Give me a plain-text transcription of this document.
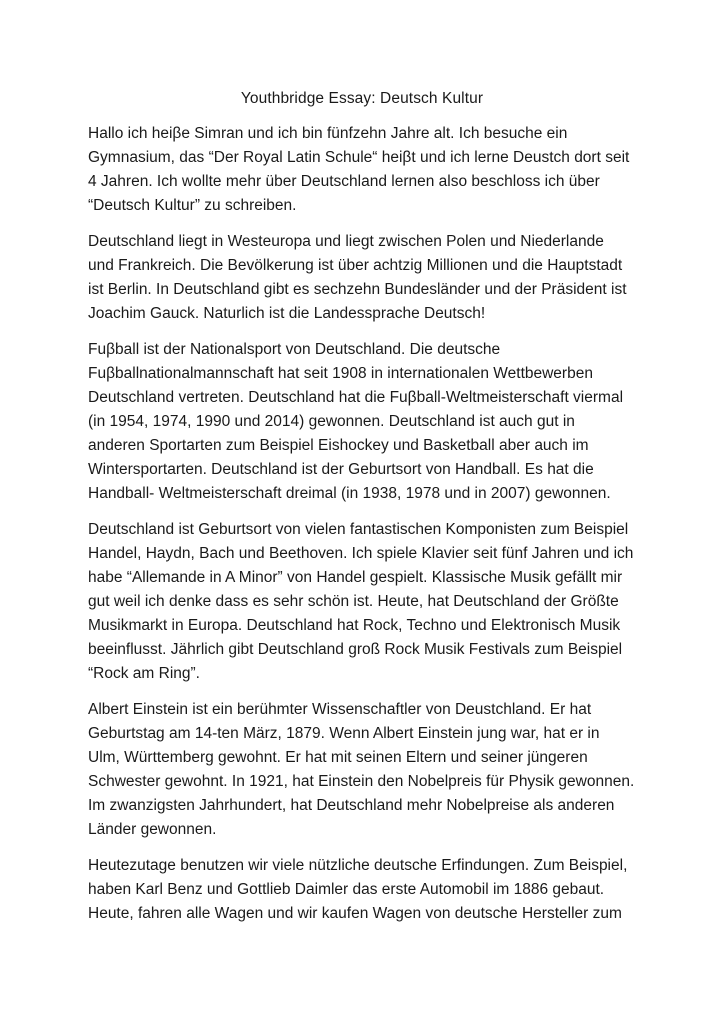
Youthbridge Essay: Deutsch Kultur

Hallo ich heiβe Simran und ich bin fünfzehn Jahre alt. Ich besuche ein
Gymnasium, das “Der Royal Latin Schule“ heiβt und ich lerne Deustch dort seit
4 Jahren. Ich wollte mehr über Deutschland lernen also beschloss ich über
“Deutsch Kultur” zu schreiben.

Deutschland liegt in Westeuropa und liegt zwischen Polen und Niederlande
und Frankreich. Die Bevölkerung ist über achtzig Millionen und die Hauptstadt
ist Berlin. In Deutschland gibt es sechzehn Bundesländer und der Präsident ist
Joachim Gauck. Naturlich ist die Landessprache Deutsch!

Fuβball ist der Nationalsport von Deutschland. Die deutsche
Fuβballnationalmannschaft hat seit 1908 in internationalen Wettbewerben
Deutschland vertreten. Deutschland hat die Fuβball-Weltmeisterschaft viermal
(in 1954, 1974, 1990 und 2014) gewonnen. Deutschland ist auch gut in
anderen Sportarten zum Beispiel Eishockey und Basketball aber auch im
Wintersportarten. Deutschland ist der Geburtsort von Handball. Es hat die
Handball- Weltmeisterschaft dreimal (in 1938, 1978 und in 2007) gewonnen.

Deutschland ist Geburtsort von vielen fantastischen Komponisten zum Beispiel
Handel, Haydn, Bach und Beethoven. Ich spiele Klavier seit fünf Jahren und ich
habe “Allemande in A Minor” von Handel gespielt. Klassische Musik gefällt mir
gut weil ich denke dass es sehr schön ist. Heute, hat Deutschland der Größte
Musikmarkt in Europa. Deutschland hat Rock, Techno und Elektronisch Musik
beeinflusst. Jährlich gibt Deutschland groß Rock Musik Festivals zum Beispiel
“Rock am Ring”.

Albert Einstein ist ein berühmter Wissenschaftler von Deustchland. Er hat
Geburtstag am 14-ten März, 1879. Wenn Albert Einstein jung war, hat er in
Ulm, Württemberg gewohnt. Er hat mit seinen Eltern und seiner jüngeren
Schwester gewohnt. In 1921, hat Einstein den Nobelpreis für Physik gewonnen.
Im zwanzigsten Jahrhundert, hat Deutschland mehr Nobelpreise als anderen
Länder gewonnen.

Heutezutage benutzen wir viele nützliche deutsche Erfindungen. Zum Beispiel,
haben Karl Benz und Gottlieb Daimler das erste Automobil im 1886 gebaut.
Heute, fahren alle Wagen und wir kaufen Wagen von deutsche Hersteller zum
